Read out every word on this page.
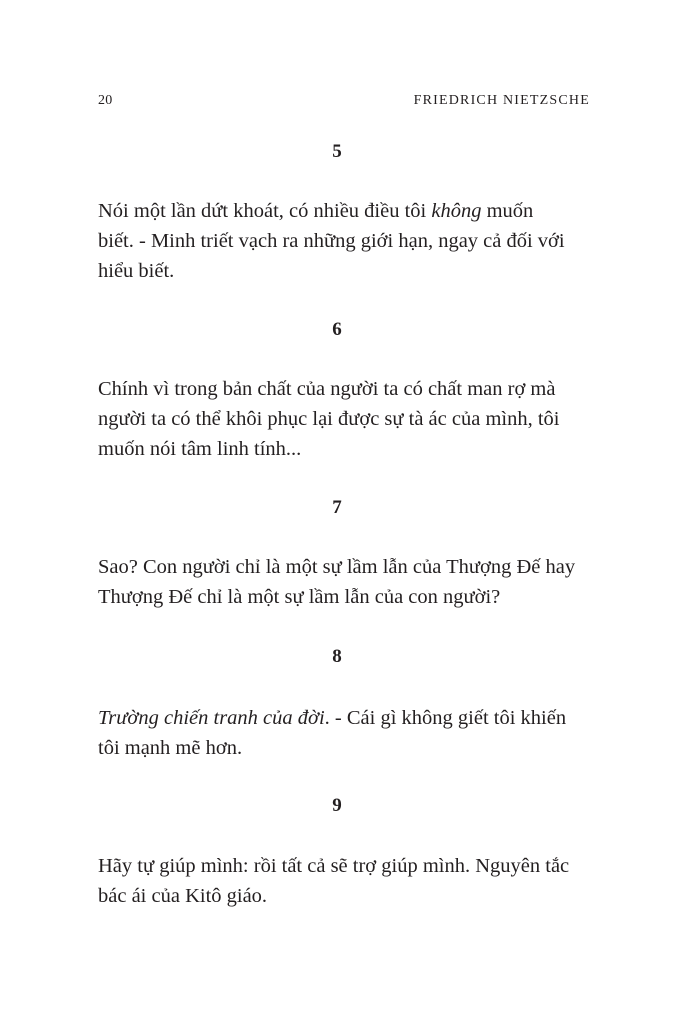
20	FRIEDRICH NIETZSCHE
5
Nói một lần dứt khoát, có nhiều điều tôi không muốn
biết. - Minh triết vạch ra những giới hạn, ngay cả đối với
hiểu biết.
6
Chính vì trong bản chất của người ta có chất man rợ mà
người ta có thể khôi phục lại được sự tà ác của mình, tôi
muốn nói tâm linh tính...
7
Sao? Con người chỉ là một sự lầm lẫn của Thượng Đế hay
Thượng Đế chỉ là một sự lầm lẫn của con người?
8
Trường chiến tranh của đời. - Cái gì không giết tôi khiến
tôi mạnh mẽ hơn.
9
Hãy tự giúp mình: rồi tất cả sẽ trợ giúp mình. Nguyên tắc
bác ái của Kitô giáo.
